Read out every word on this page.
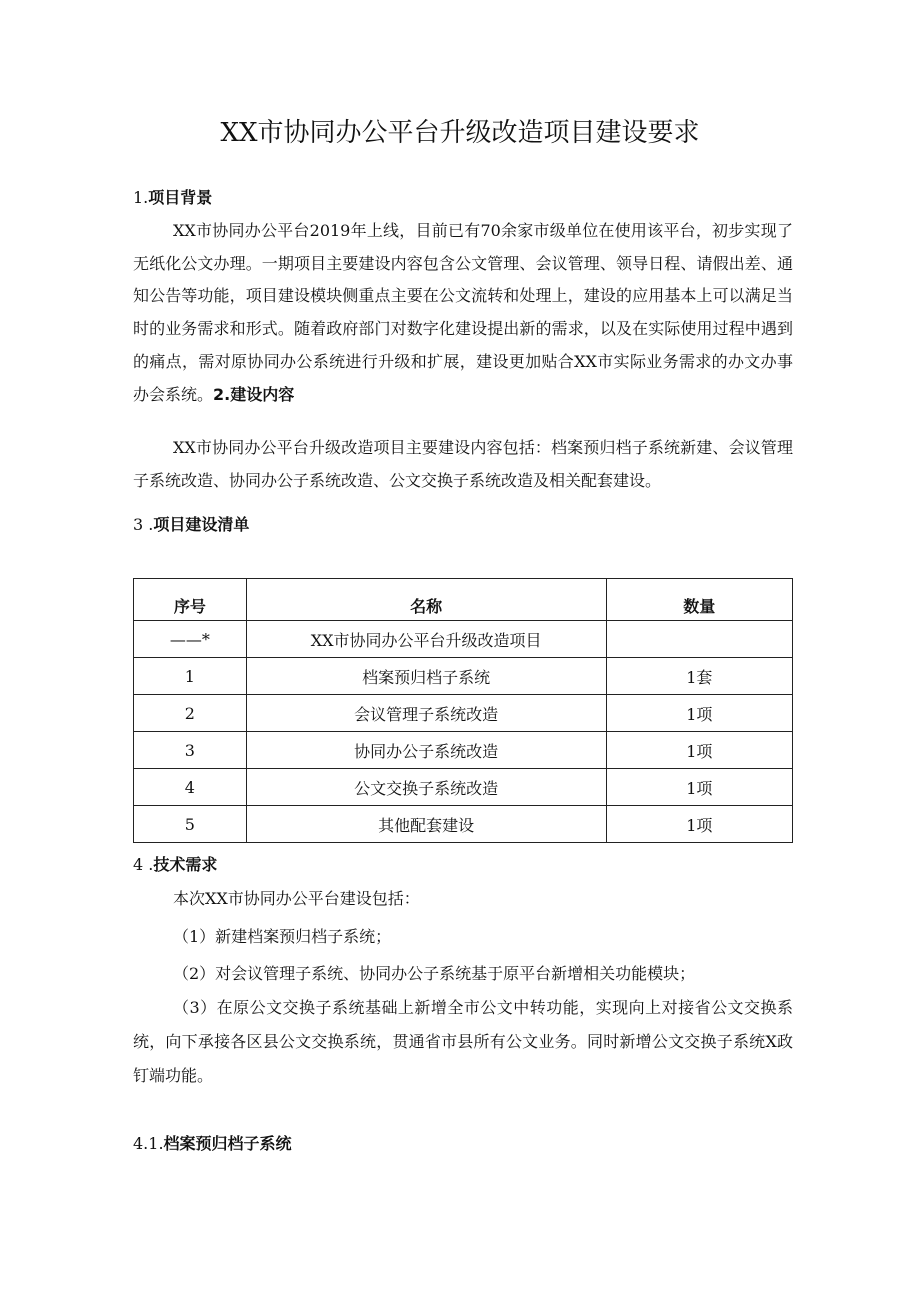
XX市协同办公平台升级改造项目建设要求
1.项目背景
XX市协同办公平台2019年上线，目前已有70余家市级单位在使用该平台，初步实现了无纸化公文办理。一期项目主要建设内容包含公文管理、会议管理、领导日程、请假出差、通知公告等功能，项目建设模块侧重点主要在公文流转和处理上，建设的应用基本上可以满足当时的业务需求和形式。随着政府部门对数字化建设提出新的需求，以及在实际使用过程中遇到的痛点，需对原协同办公系统进行升级和扩展，建设更加贴合XX市实际业务需求的办文办事办会系统。2.建设内容
XX市协同办公平台升级改造项目主要建设内容包括：档案预归档子系统新建、会议管理子系统改造、协同办公子系统改造、公文交换子系统改造及相关配套建设。
3 .项目建设清单
序号	名称	数量
——*	XX市协同办公平台升级改造项目	
1	档案预归档子系统	1套
2	会议管理子系统改造	1项
3	协同办公子系统改造	1项
4	公文交换子系统改造	1项
5	其他配套建设	1项
4 .技术需求
本次XX市协同办公平台建设包括：
（1）新建档案预归档子系统；
（2）对会议管理子系统、协同办公子系统基于原平台新增相关功能模块；
（3）在原公文交换子系统基础上新增全市公文中转功能，实现向上对接省公文交换系统，向下承接各区县公文交换系统，贯通省市县所有公文业务。同时新增公文交换子系统X政钉端功能。
4.1.档案预归档子系统
